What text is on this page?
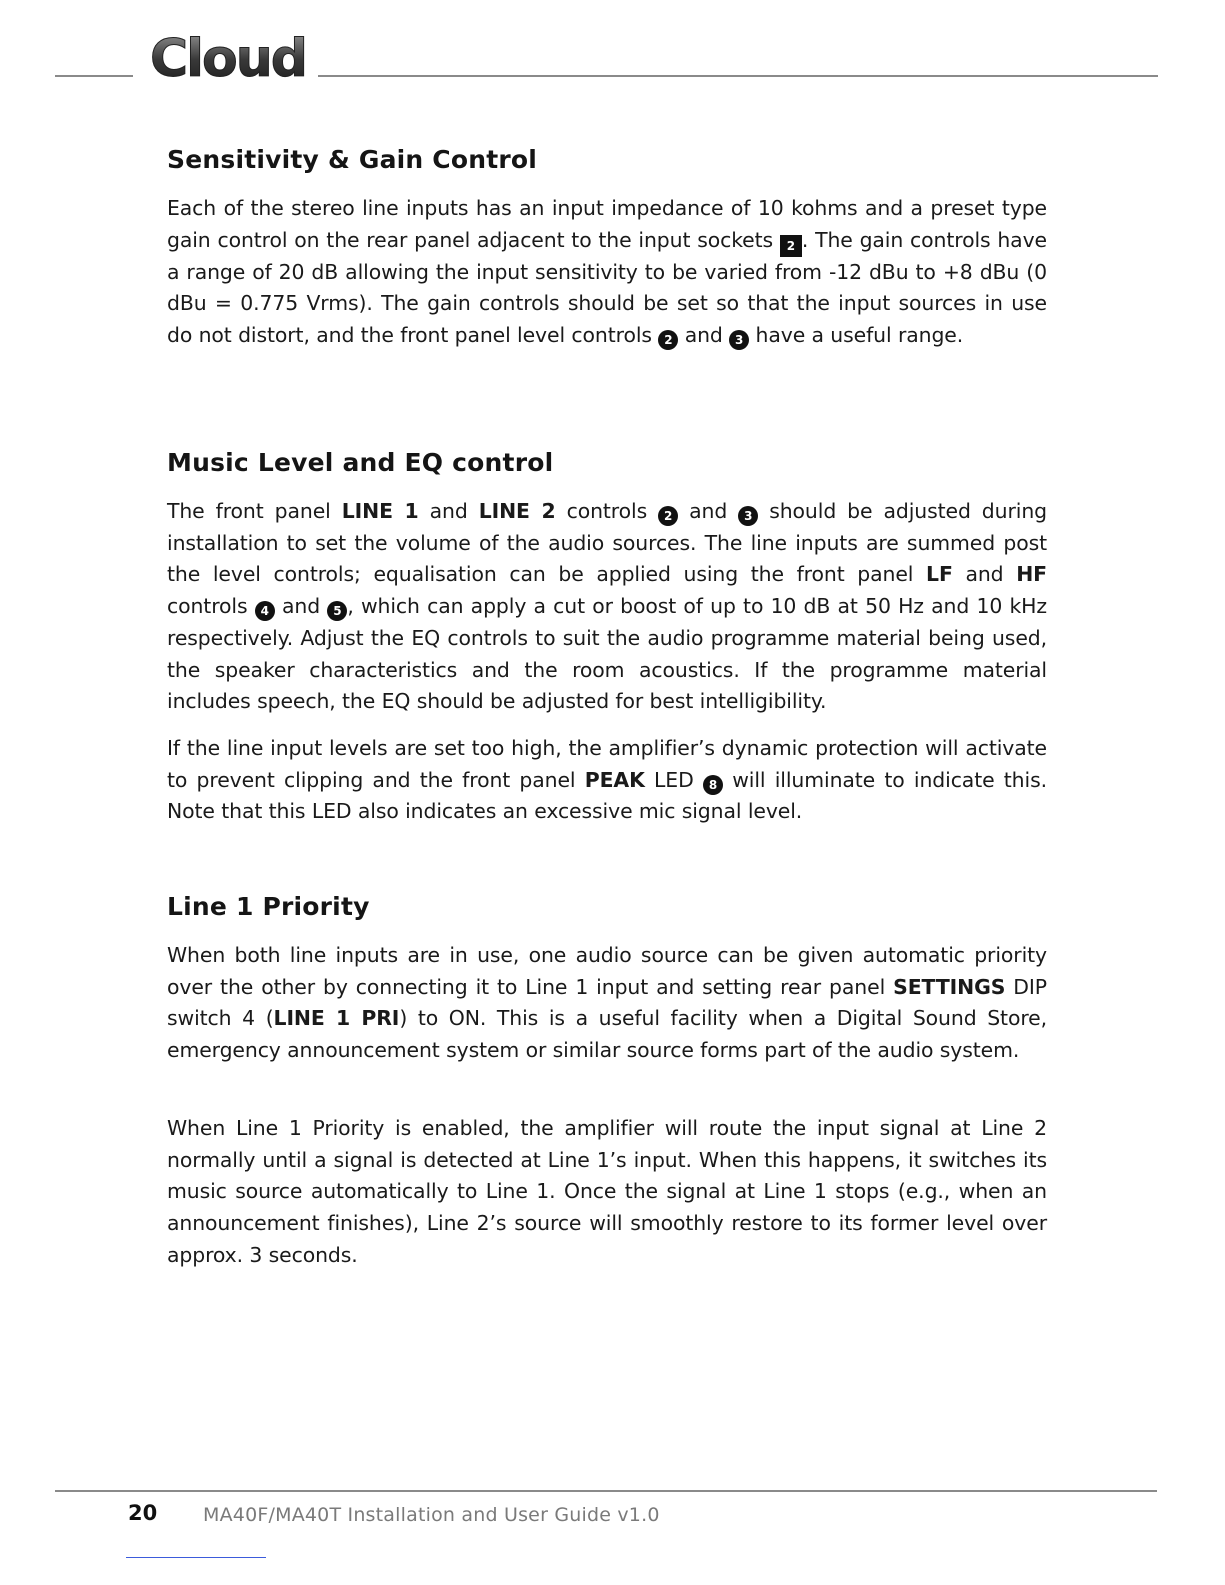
Cloud
Sensitivity & Gain Control

Each of the stereo line inputs has an input impedance of 10 kohms and a preset type gain control on the rear panel adjacent to the input sockets 2 . The gain controls have a range of 20 dB allowing the input sensitivity to be varied from -12 dBu to +8 dBu (0 dBu = 0.775 Vrms). The gain controls should be set so that the input sources in use do not distort, and the front panel level controls 2 and 3 have a useful range.

Music Level and EQ control

The front panel LINE 1 and LINE 2 controls 2 and 3 should be adjusted during installation to set the volume of the audio sources. The line inputs are summed post the level controls; equalisation can be applied using the front panel LF and HF controls 4 and 5 , which can apply a cut or boost of up to 10 dB at 50 Hz and 10 kHz respectively. Adjust the EQ controls to suit the audio programme material being used, the speaker characteristics and the room acoustics. If the programme material includes speech, the EQ should be adjusted for best intelligibility.

If the line input levels are set too high, the amplifier’s dynamic protection will activate to prevent clipping and the front panel PEAK LED 8 will illuminate to indicate this. Note that this LED also indicates an excessive mic signal level.

Line 1 Priority

When both line inputs are in use, one audio source can be given automatic priority over the other by connecting it to Line 1 input and setting rear panel SETTINGS DIP switch 4 (LINE 1 PRI) to ON. This is a useful facility when a Digital Sound Store, emergency announcement system or similar source forms part of the audio system.

When Line 1 Priority is enabled, the amplifier will route the input signal at Line 2 normally until a signal is detected at Line 1’s input. When this happens, it switches its music source automatically to Line 1. Once the signal at Line 1 stops (e.g., when an announcement finishes), Line 2’s source will smoothly restore to its former level over approx. 3 seconds.

20 MA40F/MA40T Installation and User Guide v1.0
